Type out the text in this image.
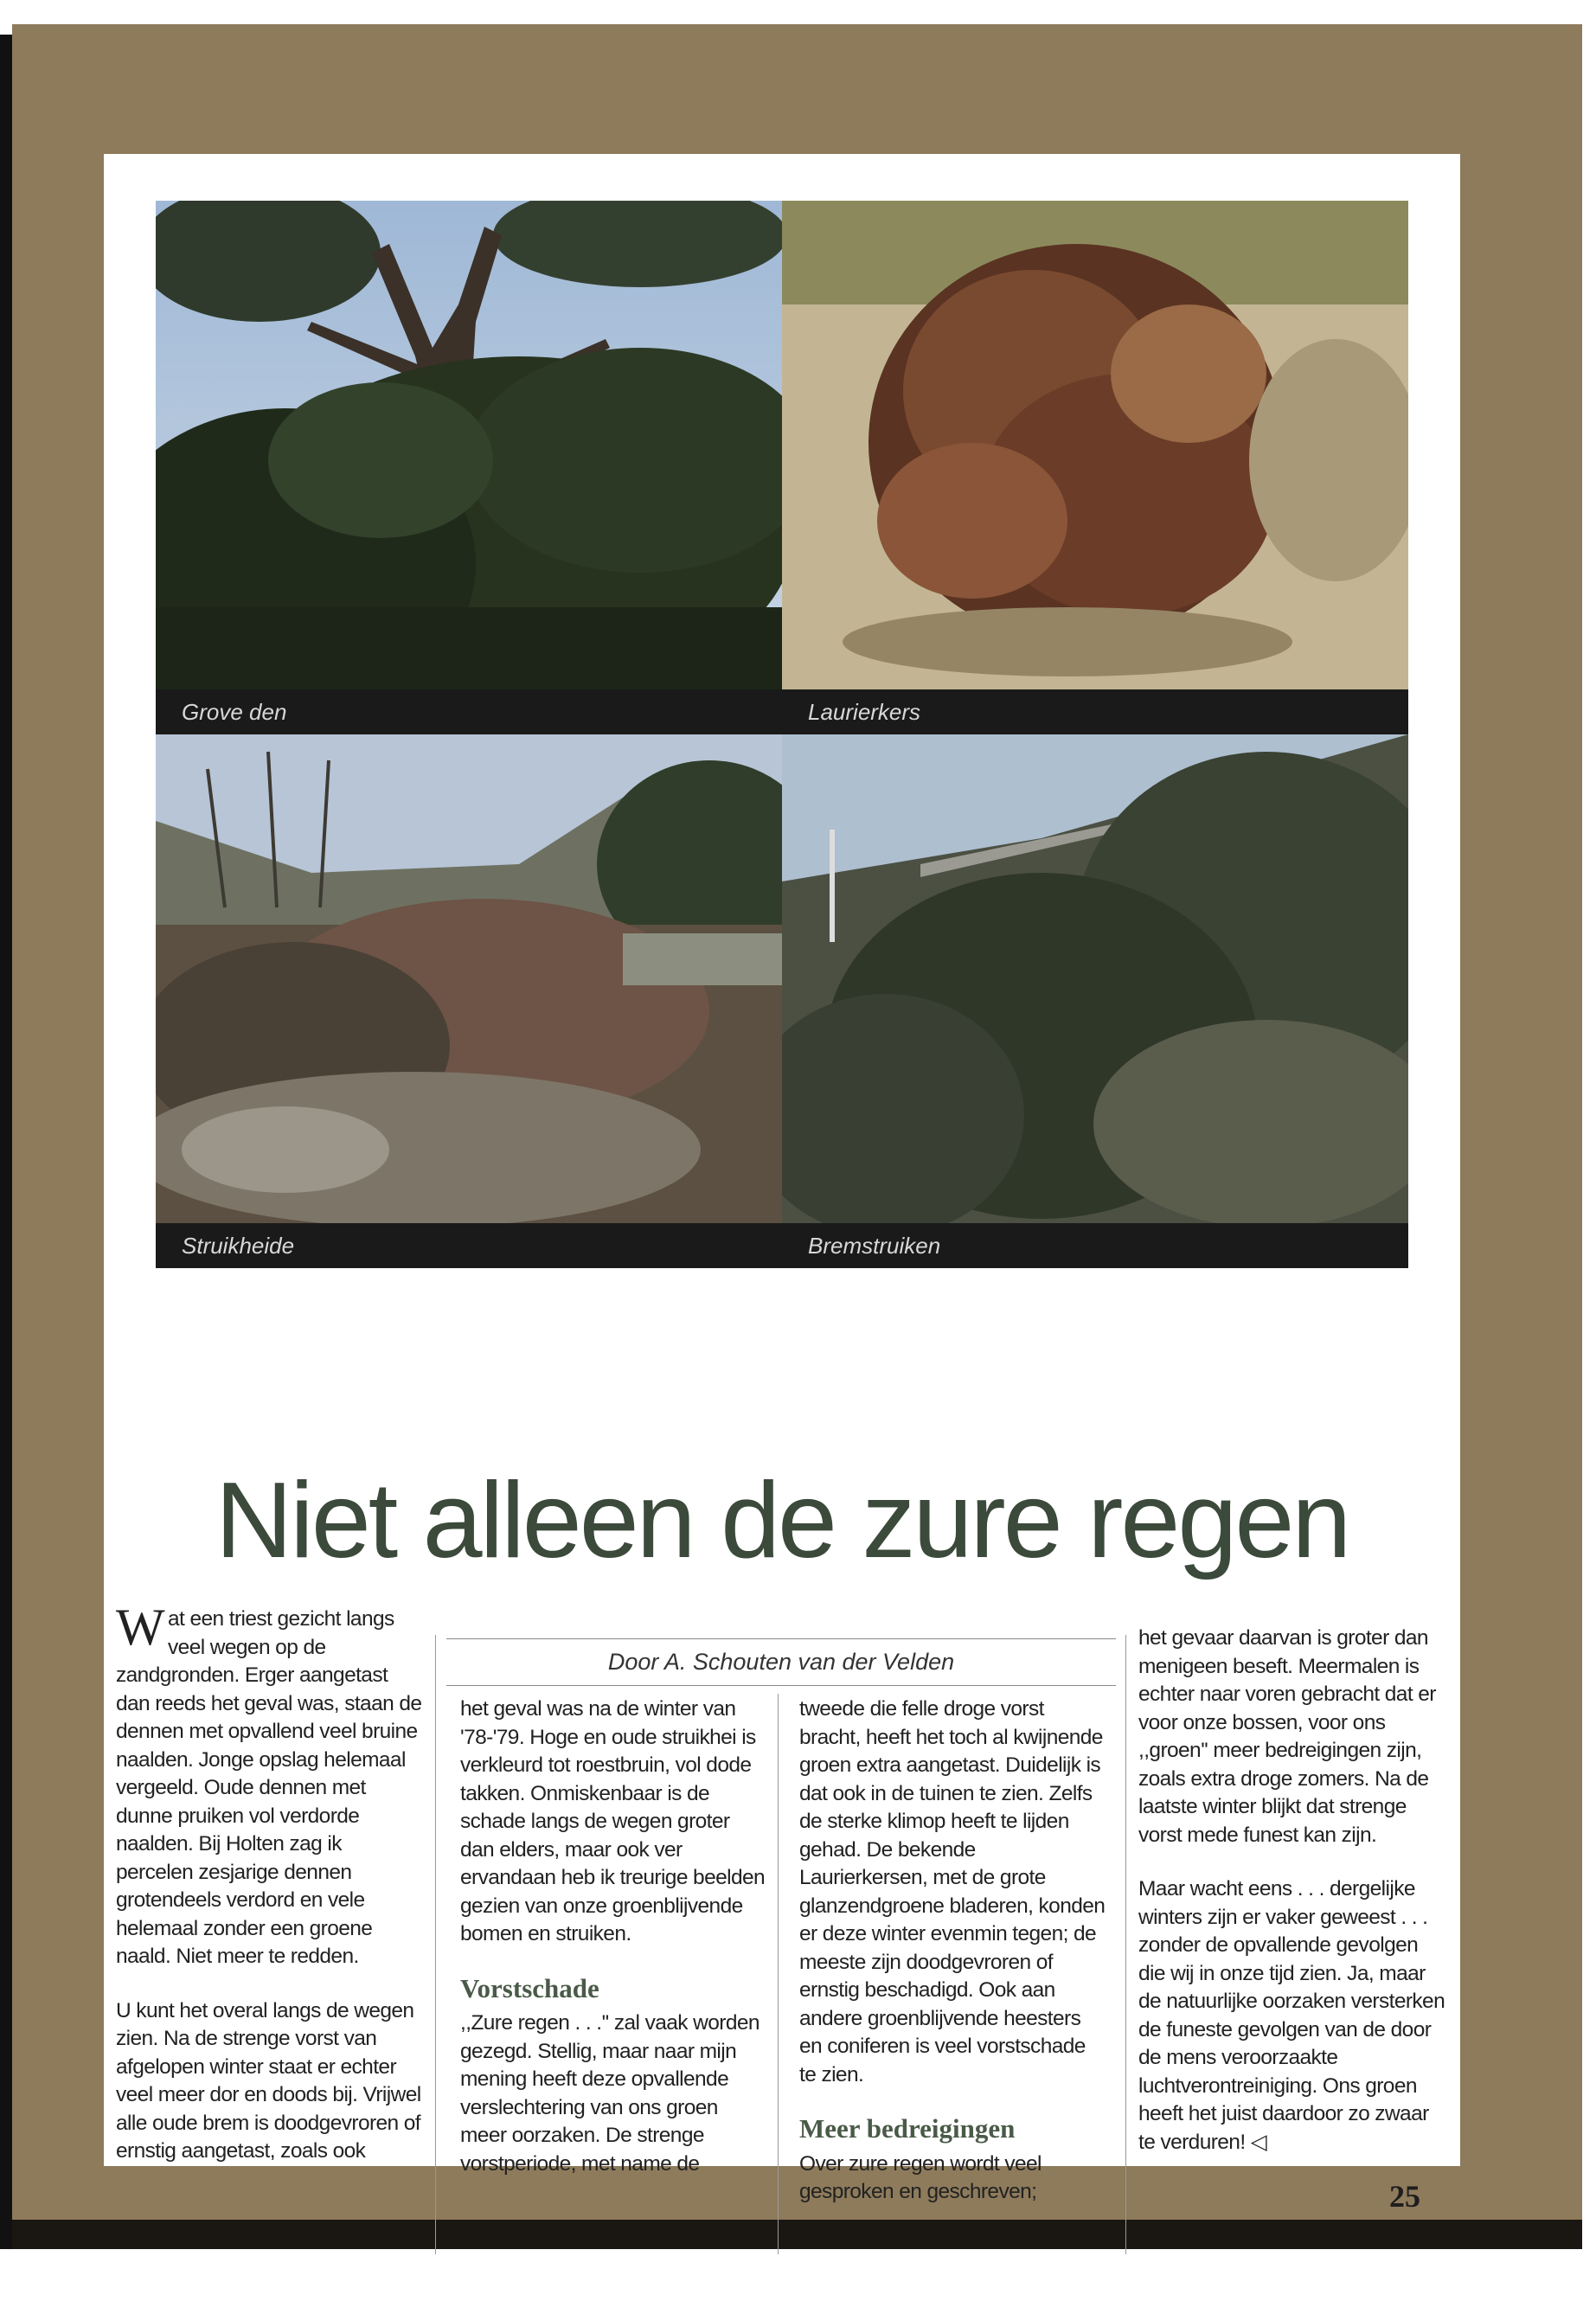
Grove den	Laurierkers
Struikheide	Bremstruiken
Niet alleen de zure regen
Door A. Schouten van der Velden

Wat een triest gezicht langs veel wegen op de zandgronden. Erger aangetast dan reeds het geval was, staan de dennen met opvallend veel bruine naalden. Jonge opslag helemaal vergeeld. Oude dennen met dunne pruiken vol verdorde naalden. Bij Holten zag ik percelen zesjarige dennen grotendeels verdord en vele helemaal zonder een groene naald. Niet meer te redden.

U kunt het overal langs de wegen zien. Na de strenge vorst van afgelopen winter staat er echter veel meer dor en doods bij. Vrijwel alle oude brem is doodgevroren of ernstig aangetast, zoals ook

het geval was na de winter van '78-'79. Hoge en oude struikhei is verkleurd tot roestbruin, vol dode takken. Onmiskenbaar is de schade langs de wegen groter dan elders, maar ook ver ervandaan heb ik treurige beelden gezien van onze groenblijvende bomen en struiken.

Vorstschade

,,Zure regen . . .'' zal vaak worden gezegd. Stellig, maar naar mijn mening heeft deze opvallende verslechtering van ons groen meer oorzaken. De strenge vorstperiode, met name de

tweede die felle droge vorst bracht, heeft het toch al kwijnende groen extra aangetast. Duidelijk is dat ook in de tuinen te zien. Zelfs de sterke klimop heeft te lijden gehad. De bekende Laurierkersen, met de grote glanzendgroene bladeren, konden er deze winter evenmin tegen; de meeste zijn doodgevroren of ernstig beschadigd. Ook aan andere groenblijvende heesters en coniferen is veel vorstschade te zien.

Meer bedreigingen

Over zure regen wordt veel gesproken en geschreven;

het gevaar daarvan is groter dan menigeen beseft. Meermalen is echter naar voren gebracht dat er voor onze bossen, voor ons ,,groen'' meer bedreigingen zijn, zoals extra droge zomers. Na de laatste winter blijkt dat strenge vorst mede funest kan zijn.

Maar wacht eens . . . dergelijke winters zijn er vaker geweest . . . zonder de opvallende gevolgen die wij in onze tijd zien. Ja, maar de natuurlijke oorzaken versterken de funeste gevolgen van de door de mens veroorzaakte luchtverontreiniging. Ons groen heeft het juist daardoor zo zwaar te verduren! ◁

25
